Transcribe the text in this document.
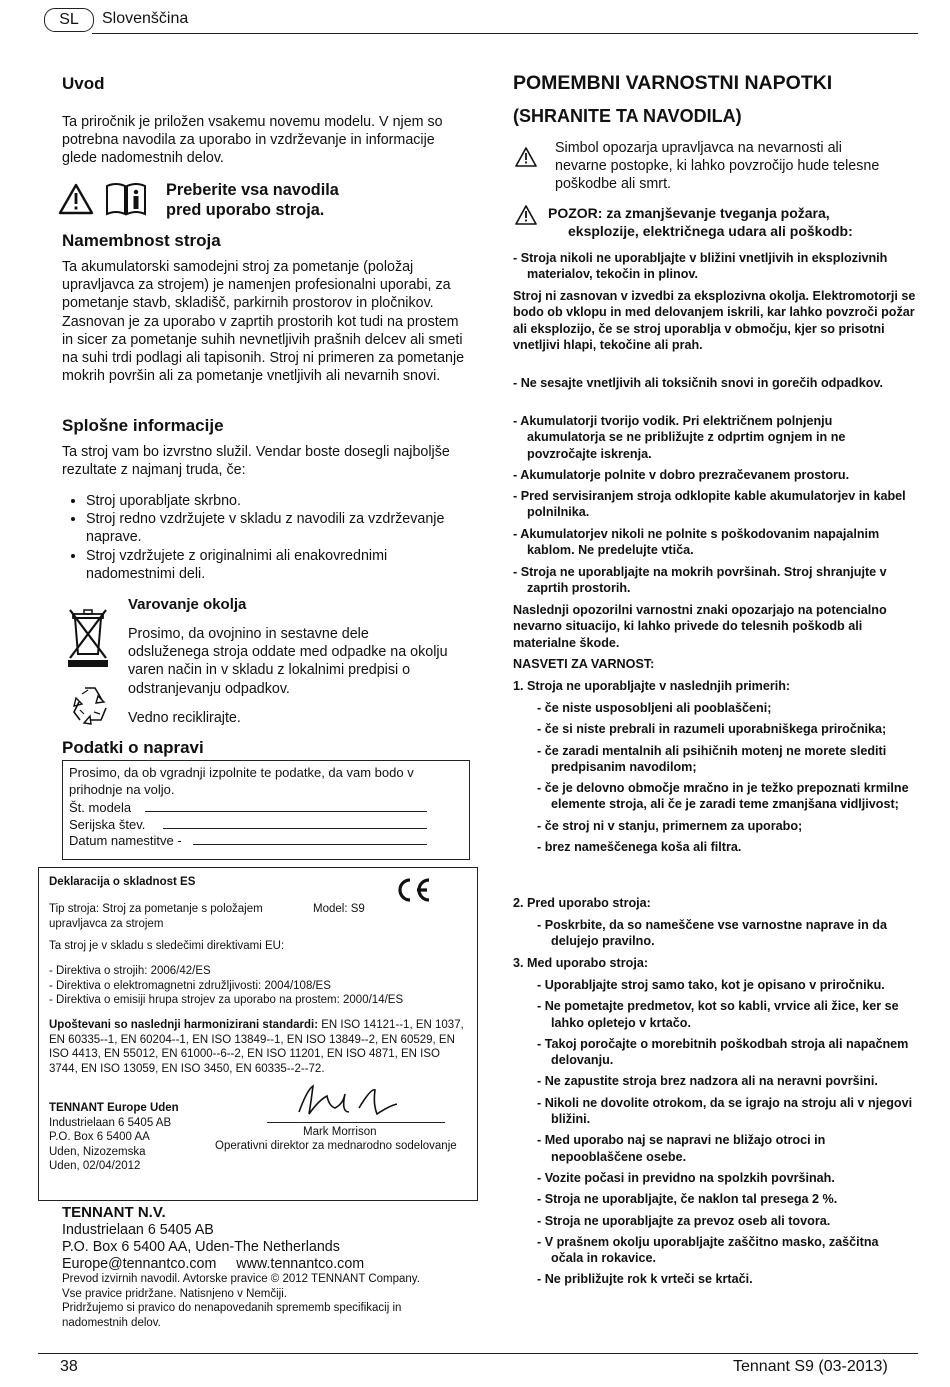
SL	Slovenščina
Uvod
Ta priročnik je priložen vsakemu novemu modelu. V njem so potrebna navodila za uporabo in vzdrževanje in informacije glede nadomestnih delov.
Preberite vsa navodila pred uporabo stroja.
Namembnost stroja
Ta akumulatorski samodejni stroj za pometanje (položaj upravljavca za strojem) je namenjen profesionalni uporabi, za pometanje stavb, skladišč, parkirnih prostorov in pločnikov. Zasnovan je za uporabo v zaprtih prostorih kot tudi na prostem in sicer za pometanje suhih nevnetljivih prašnih delcev ali smeti na suhi trdi podlagi ali tapisonih. Stroj ni primeren za pometanje mokrih površin ali za pometanje vnetljivih ali nevarnih snovi.
Splošne informacije
Ta stroj vam bo izvrstno služil. Vendar boste dosegli najboljše rezultate z najmanj truda, če:
• Stroj uporabljate skrbno.
• Stroj redno vzdržujete v skladu z navodili za vzdrževanje naprave.
• Stroj vzdržujete z originalnimi ali enakovrednimi nadomestnimi deli.
Varovanje okolja
Prosimo, da ovojnino in sestavne dele odsluženega stroja oddate med odpadke na okolju varen način in v skladu z lokalnimi predpisi o odstranjevanju odpadkov.
Vedno reciklirajte.
Podatki o napravi
Prosimo, da ob vgradnji izpolnite te podatke, da vam bodo v prihodnje na voljo.
Št. modela
Serijska štev.
Datum namestitve -
Deklaracija o skladnost ES
Tip stroja: Stroj za pometanje s položajem upravljavca za strojem
Model: S9
Ta stroj je v skladu s sledečimi direktivami EU:
- Direktiva o strojih: 2006/42/ES
- Direktiva o elektromagnetni združljivosti: 2004/108/ES
- Direktiva o emisiji hrupa strojev za uporabo na prostem: 2000/14/ES
Upoštevani so naslednji harmonizirani standardi: EN ISO 14121--1, EN 1037, EN 60335--1, EN 60204--1, EN ISO 13849--1, EN ISO 13849--2, EN 60529, EN ISO 4413, EN 55012, EN 61000--6--2, EN ISO 11201, EN ISO 4871, EN ISO 3744, EN ISO 13059, EN ISO 3450, EN 60335--2--72.
TENNANT Europe Uden
Industrielaan 6 5405 AB
P.O. Box 6 5400 AA
Uden, Nizozemska
Uden, 02/04/2012
Mark Morrison
Operativni direktor za mednarodno sodelovanje
TENNANT N.V.
Industrielaan 6 5405 AB
P.O. Box 6 5400 AA, Uden-The Netherlands
Europe@tennantco.com     www.tennantco.com
Prevod izvirnih navodil. Avtorske pravice © 2012 TENNANT Company.
Vse pravice pridržane. Natisnjeno v Nemčiji.
Pridržujemo si pravico do nenapovedanih sprememb specifikacij in nadomestnih delov.
POMEMBNI VARNOSTNI NAPOTKI
(SHRANITE TA NAVODILA)
Simbol opozarja upravljavca na nevarnosti ali nevarne postopke, ki lahko povzročijo hude telesne poškodbe ali smrt.
POZOR: za zmanjševanje tveganja požara,
eksplozije, električnega udara ali poškodb:
- Stroja nikoli ne uporabljajte v bližini vnetljivih in eksplozivnih materialov, tekočin in plinov.
Stroj ni zasnovan v izvedbi za eksplozivna okolja. Elektromotorji se bodo ob vklopu in med delovanjem iskrili, kar lahko povzroči požar ali eksplozijo, če se stroj uporablja v območju, kjer so prisotni vnetljivi hlapi, tekočine ali prah.
- Ne sesajte vnetljivih ali toksičnih snovi in gorečih odpadkov.
- Akumulatorji tvorijo vodik. Pri električnem polnjenju akumulatorja se ne približujte z odprtim ognjem in ne povzročajte iskrenja.
- Akumulatorje polnite v dobro prezračevanem prostoru.
- Pred servisiranjem stroja odklopite kable akumulatorjev in kabel polnilnika.
- Akumulatorjev nikoli ne polnite s poškodovanim napajalnim kablom. Ne predelujte vtiča.
- Stroja ne uporabljajte na mokrih površinah. Stroj shranjujte v zaprtih prostorih.
Naslednji opozorilni varnostni znaki opozarjajo na potencialno nevarno situacijo, ki lahko privede do telesnih poškodb ali materialne škode.
NASVETI ZA VARNOST:
1. Stroja ne uporabljajte v naslednjih primerih:
- če niste usposobljeni ali pooblaščeni;
- če si niste prebrali in razumeli uporabniškega priročnika;
- če zaradi mentalnih ali psihičnih motenj ne morete slediti predpisanim navodilom;
- če je delovno območje mračno in je težko prepoznati krmilne elemente stroja, ali če je zaradi teme zmanjšana vidljivost;
- če stroj ni v stanju, primernem za uporabo;
- brez nameščenega koša ali filtra.
2. Pred uporabo stroja:
- Poskrbite, da so nameščene vse varnostne naprave in da delujejo pravilno.
3. Med uporabo stroja:
- Uporabljajte stroj samo tako, kot je opisano v priročniku.
- Ne pometajte predmetov, kot so kabli, vrvice ali žice, ker se lahko opletejo v krtačo.
- Takoj poročajte o morebitnih poškodbah stroja ali napačnem delovanju.
- Ne zapustite stroja brez nadzora ali na neravni površini.
- Nikoli ne dovolite otrokom, da se igrajo na stroju ali v njegovi bližini.
- Med uporabo naj se napravi ne bližajo otroci in nepooblaščene osebe.
- Vozite počasi in previdno na spolzkih površinah.
- Stroja ne uporabljajte, če naklon tal presega 2 %.
- Stroja ne uporabljajte za prevoz oseb ali tovora.
- V prašnem okolju uporabljajte zaščitno masko, zaščitna očala in rokavice.
- Ne približujte rok k vrteči se krtači.
38	Tennant S9 (03-2013)
